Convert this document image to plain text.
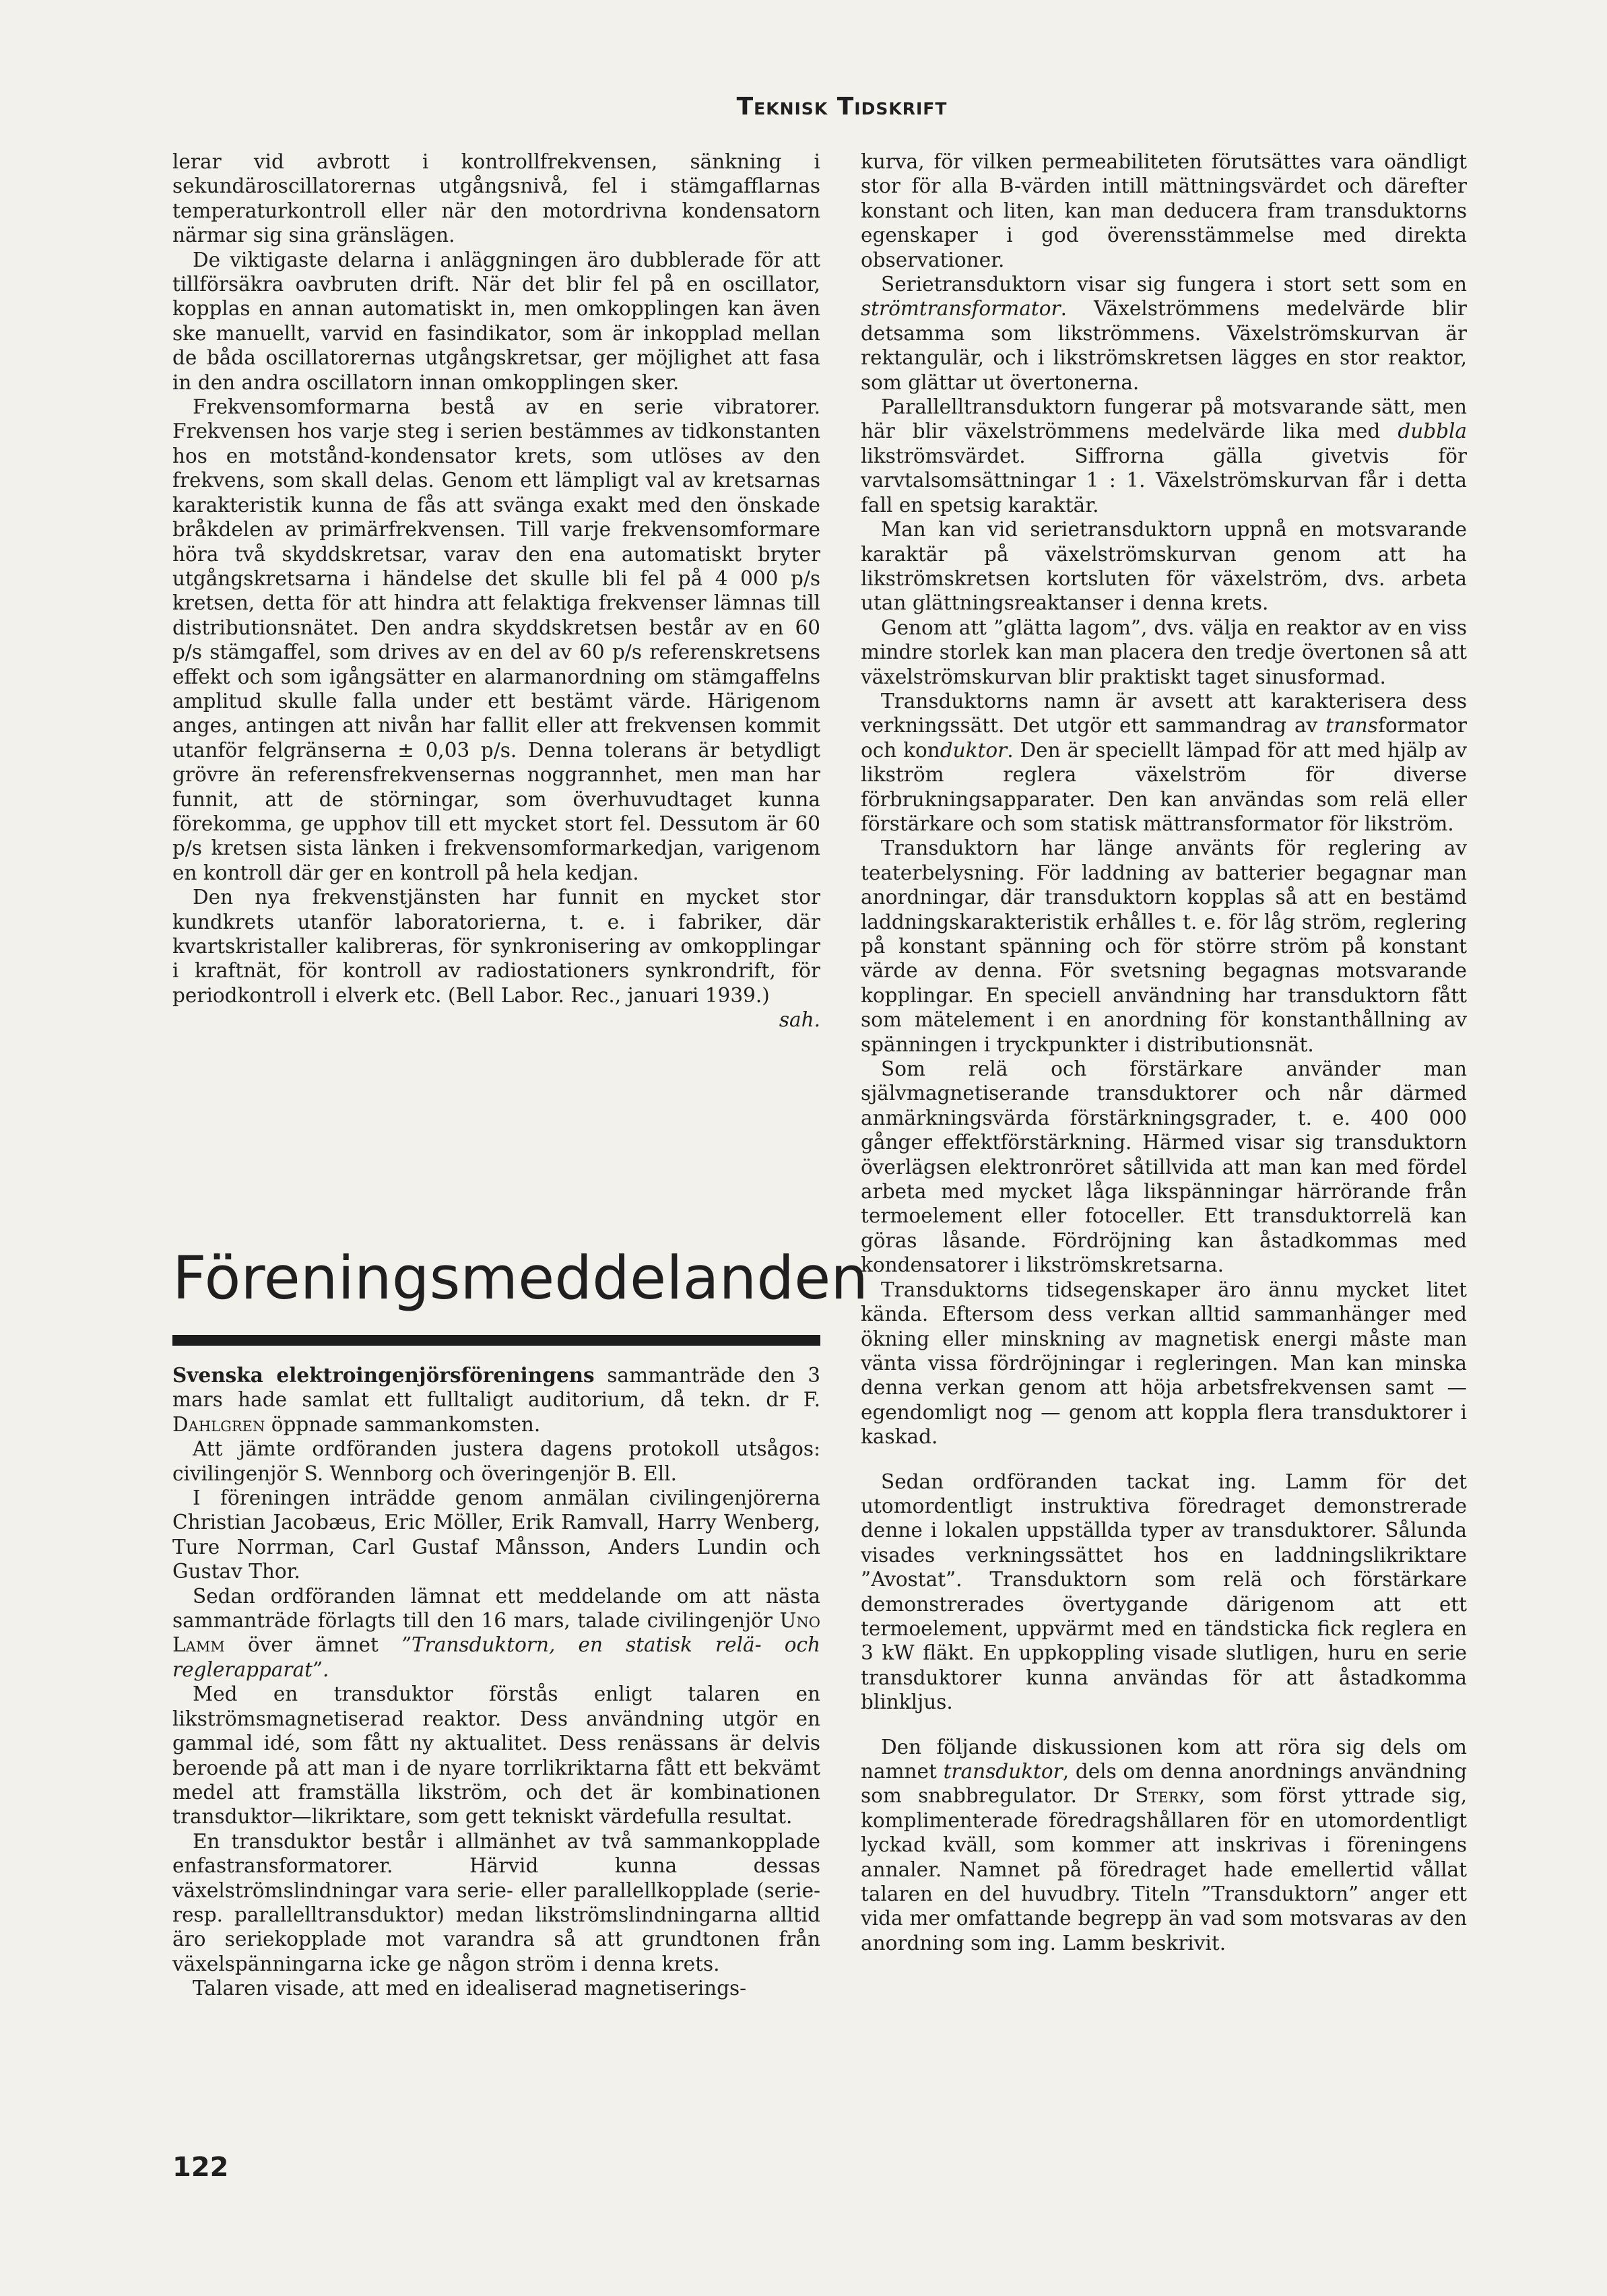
Teknisk Tidskrift

lerar vid avbrott i kontrollfrekvensen, sänkning i sekundäroscillatorernas utgångsnivå, fel i stämgafflarnas temperaturkontroll eller när den motordrivna kondensatorn närmar sig sina gränslägen.

De viktigaste delarna i anläggningen äro dubblerade för att tillförsäkra oavbruten drift. När det blir fel på en oscillator, kopplas en annan automatiskt in, men omkopplingen kan även ske manuellt, varvid en fasindikator, som är inkopplad mellan de båda oscillatorernas utgångskretsar, ger möjlighet att fasa in den andra oscillatorn innan omkopplingen sker.

Frekvensomformarna bestå av en serie vibratorer. Frekvensen hos varje steg i serien bestämmes av tidkonstanten hos en motstånd-kondensator krets, som utlöses av den frekvens, som skall delas. Genom ett lämpligt val av kretsarnas karakteristik kunna de fås att svänga exakt med den önskade bråkdelen av primärfrekvensen. Till varje frekvensomformare höra två skyddskretsar, varav den ena automatiskt bryter utgångskretsarna i händelse det skulle bli fel på 4 000 p/s kretsen, detta för att hindra att felaktiga frekvenser lämnas till distributionsnätet. Den andra skyddskretsen består av en 60 p/s stämgaffel, som drives av en del av 60 p/s referenskretsens effekt och som igångsätter en alarmanordning om stämgaffelns amplitud skulle falla under ett bestämt värde. Härigenom anges, antingen att nivån har fallit eller att frekvensen kommit utanför felgränserna ± 0,03 p/s. Denna tolerans är betydligt grövre än referensfrekvensernas noggrannhet, men man har funnit, att de störningar, som överhuvudtaget kunna förekomma, ge upphov till ett mycket stort fel. Dessutom är 60 p/s kretsen sista länken i frekvensomformarkedjan, varigenom en kontroll där ger en kontroll på hela kedjan.

Den nya frekvenstjänsten har funnit en mycket stor kundkrets utanför laboratorierna, t. e. i fabriker, där kvartskristaller kalibreras, för synkronisering av omkopplingar i kraftnät, för kontroll av radiostationers synkrondrift, för periodkontroll i elverk etc. (Bell Labor. Rec., januari 1939.)
sah.

Föreningsmeddelanden

Svenska elektroingenjörsföreningens sammanträde den 3 mars hade samlat ett fulltaligt auditorium, då tekn. dr F. Dahlgren öppnade sammankomsten.

Att jämte ordföranden justera dagens protokoll utsågos: civilingenjör S. Wennborg och överingenjör B. Ell.

I föreningen inträdde genom anmälan civilingenjörerna Christian Jacobæus, Eric Möller, Erik Ramvall, Harry Wenberg, Ture Norrman, Carl Gustaf Månsson, Anders Lundin och Gustav Thor.

Sedan ordföranden lämnat ett meddelande om att nästa sammanträde förlagts till den 16 mars, talade civilingenjör Uno Lamm över ämnet ”Transduktorn, en statisk relä- och reglerapparat”.

Med en transduktor förstås enligt talaren en likströmsmagnetiserad reaktor. Dess användning utgör en gammal idé, som fått ny aktualitet. Dess renässans är delvis beroende på att man i de nyare torrlikriktarna fått ett bekvämt medel att framställa likström, och det är kombinationen transduktor—likriktare, som gett tekniskt värdefulla resultat.

En transduktor består i allmänhet av två sammankopplade enfastransformatorer. Härvid kunna dessas växelströmslindningar vara serie- eller parallellkopplade (serie- resp. parallelltransduktor) medan likströmslindningarna alltid äro seriekopplade mot varandra så att grundtonen från växelspänningarna icke ge någon ström i denna krets.

Talaren visade, att med en idealiserad magnetiserings-

kurva, för vilken permeabiliteten förutsättes vara oändligt stor för alla B-värden intill mättningsvärdet och därefter konstant och liten, kan man deducera fram transduktorns egenskaper i god överensstämmelse med direkta observationer.

Serietransduktorn visar sig fungera i stort sett som en strömtransformator. Växelströmmens medelvärde blir detsamma som likströmmens. Växelströmskurvan är rektangulär, och i likströmskretsen lägges en stor reaktor, som glättar ut övertonerna.

Parallelltransduktorn fungerar på motsvarande sätt, men här blir växelströmmens medelvärde lika med dubbla likströmsvärdet. Siffrorna gälla givetvis för varvtalsomsättningar 1 : 1. Växelströmskurvan får i detta fall en spetsig karaktär.

Man kan vid serietransduktorn uppnå en motsvarande karaktär på växelströmskurvan genom att ha likströmskretsen kortsluten för växelström, dvs. arbeta utan glättningsreaktanser i denna krets.

Genom att ”glätta lagom”, dvs. välja en reaktor av en viss mindre storlek kan man placera den tredje övertonen så att växelströmskurvan blir praktiskt taget sinusformad.

Transduktorns namn är avsett att karakterisera dess verkningssätt. Det utgör ett sammandrag av transformator och konduktor. Den är speciellt lämpad för att med hjälp av likström reglera växelström för diverse förbrukningsapparater. Den kan användas som relä eller förstärkare och som statisk mättransformator för likström.

Transduktorn har länge använts för reglering av teaterbelysning. För laddning av batterier begagnar man anordningar, där transduktorn kopplas så att en bestämd laddningskarakteristik erhålles t. e. för låg ström, reglering på konstant spänning och för större ström på konstant värde av denna. För svetsning begagnas motsvarande kopplingar. En speciell användning har transduktorn fått som mätelement i en anordning för konstanthållning av spänningen i tryckpunkter i distributionsnät.

Som relä och förstärkare använder man självmagnetiserande transduktorer och når därmed anmärkningsvärda förstärkningsgrader, t. e. 400 000 gånger effektförstärkning. Härmed visar sig transduktorn överlägsen elektronröret såtillvida att man kan med fördel arbeta med mycket låga likspänningar härrörande från termoelement eller fotoceller. Ett transduktorrelä kan göras låsande. Fördröjning kan åstadkommas med kondensatorer i likströmskretsarna.

Transduktorns tidsegenskaper äro ännu mycket litet kända. Eftersom dess verkan alltid sammanhänger med ökning eller minskning av magnetisk energi måste man vänta vissa fördröjningar i regleringen. Man kan minska denna verkan genom att höja arbetsfrekvensen samt — egendomligt nog — genom att koppla flera transduktorer i kaskad.

Sedan ordföranden tackat ing. Lamm för det utomordentligt instruktiva föredraget demonstrerade denne i lokalen uppställda typer av transduktorer. Sålunda visades verkningssättet hos en laddningslikriktare ”Avostat”. Transduktorn som relä och förstärkare demonstrerades övertygande därigenom att ett termoelement, uppvärmt med en tändsticka fick reglera en 3 kW fläkt. En uppkoppling visade slutligen, huru en serie transduktorer kunna användas för att åstadkomma blinkljus.

Den följande diskussionen kom att röra sig dels om namnet transduktor, dels om denna anordnings användning som snabbregulator. Dr Sterky, som först yttrade sig, komplimenterade föredragshållaren för en utomordentligt lyckad kväll, som kommer att inskrivas i föreningens annaler. Namnet på föredraget hade emellertid vållat talaren en del huvudbry. Titeln ”Transduktorn” anger ett vida mer omfattande begrepp än vad som motsvaras av den anordning som ing. Lamm beskrivit.

122
